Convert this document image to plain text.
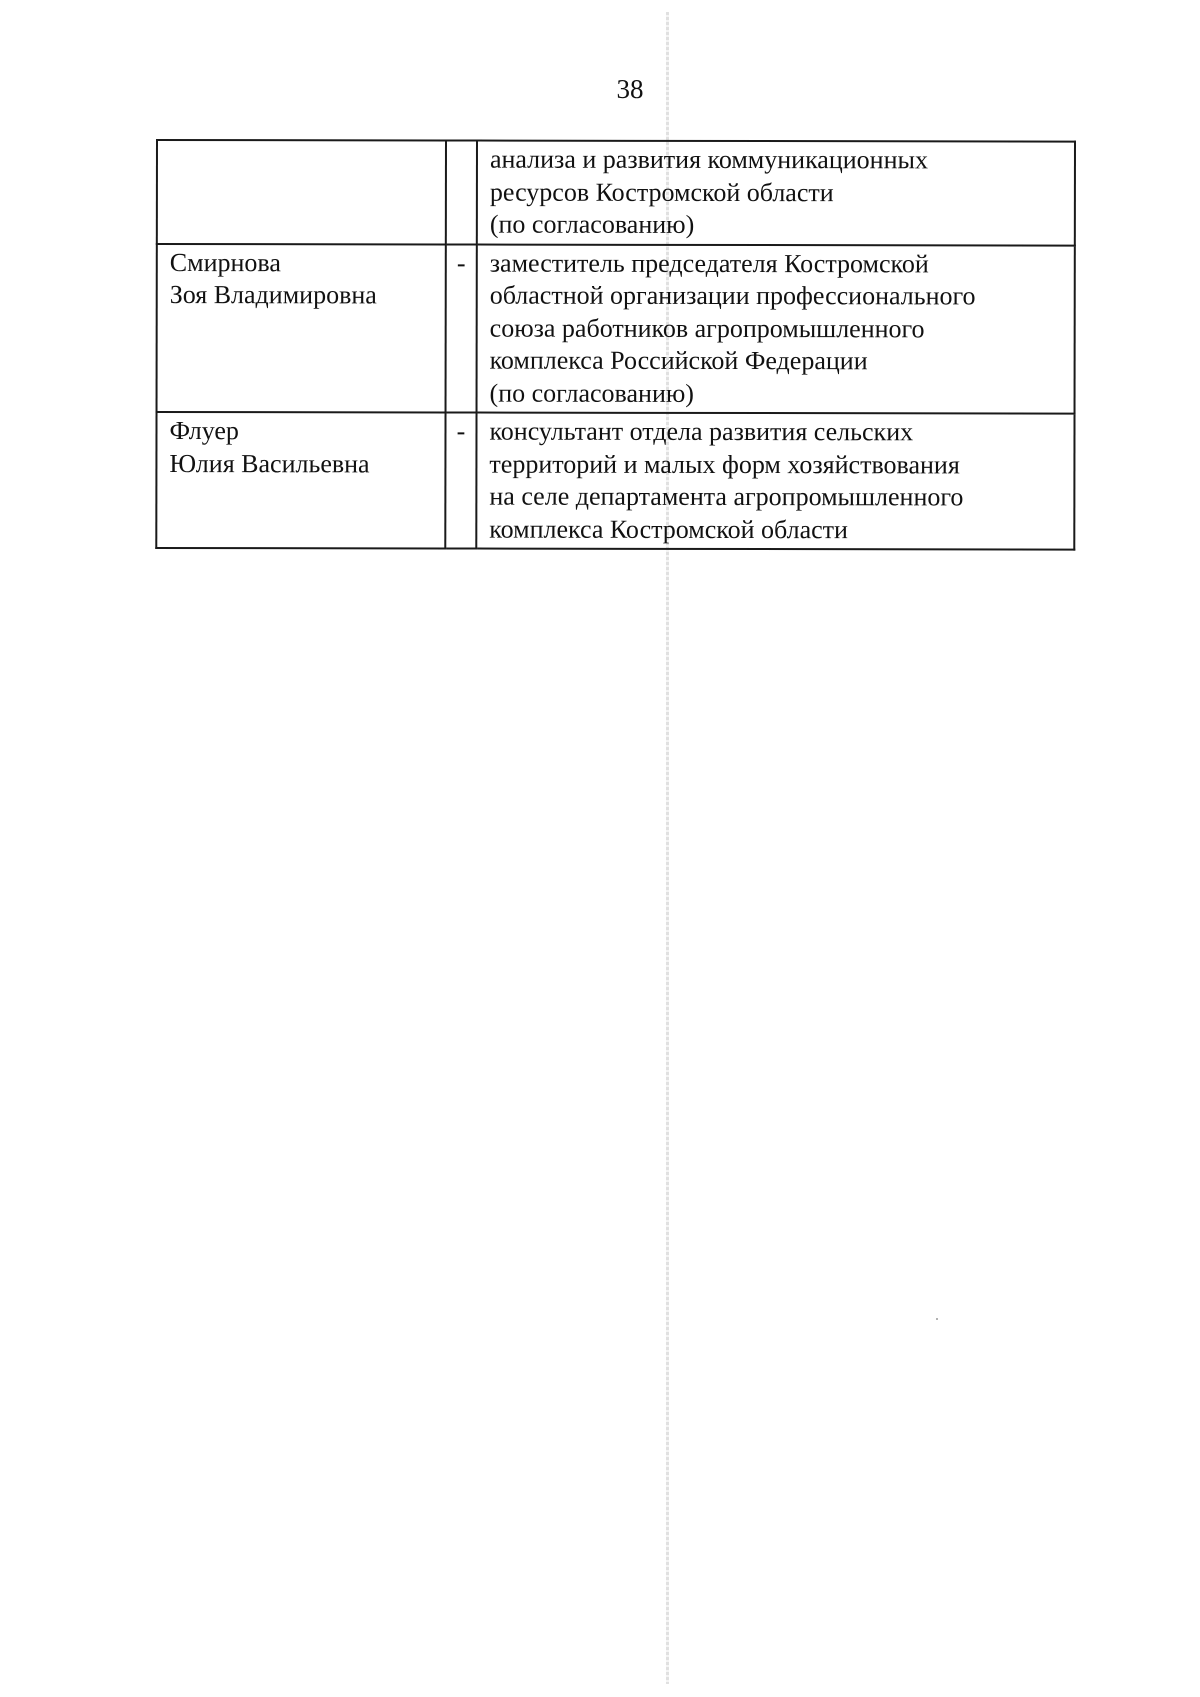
38

		анализа и развития коммуникационных
ресурсов Костромской области
(по согласованию)

Смирнова
Зоя Владимировна	-	заместитель председателя Костромской
областной организации профессионального
союза работников агропромышленного
комплекса Российской Федерации
(по согласованию)

Флуер
Юлия Васильевна	-	консультант отдела развития сельских
территорий и малых форм хозяйствования
на селе департамента агропромышленного
комплекса Костромской области
